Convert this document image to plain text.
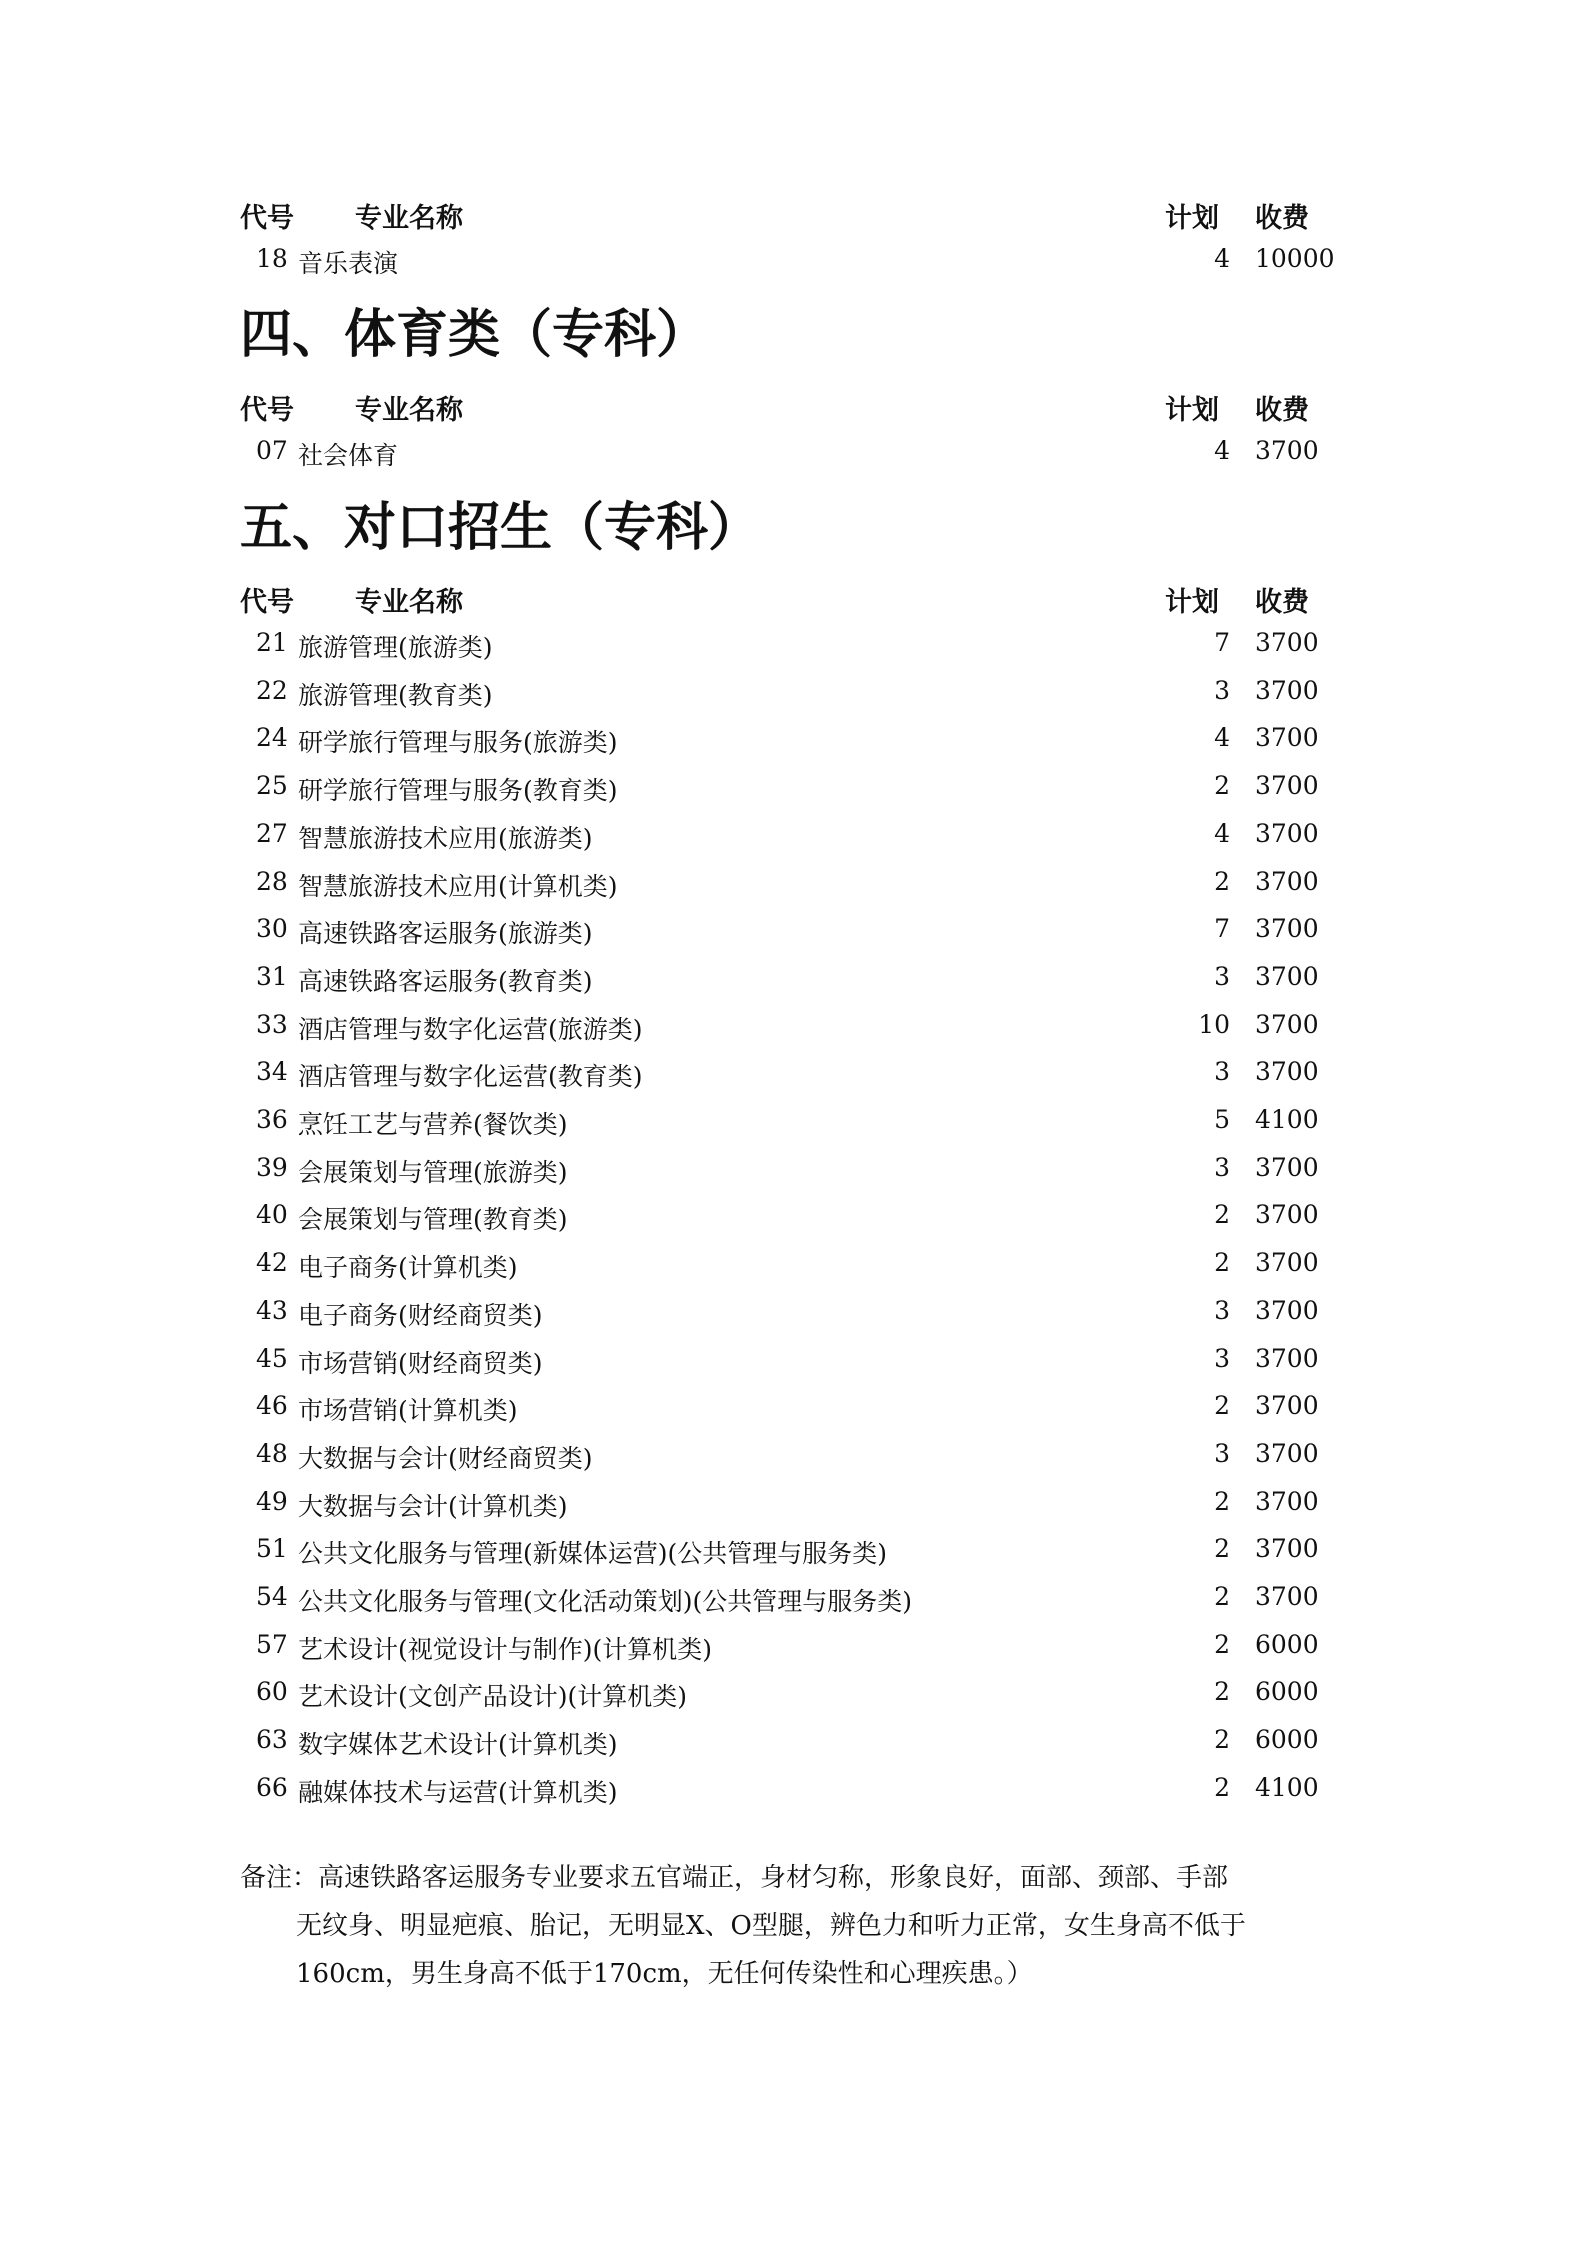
代号 专业名称	计划 收费
18 音乐表演	4 10000
四、体育类（专科）
代号 专业名称	计划 收费
07 社会体育	4 3700
五、对口招生（专科）
代号 专业名称	计划 收费
21 旅游管理(旅游类)	7 3700
22 旅游管理(教育类)	3 3700
24 研学旅行管理与服务(旅游类)	4 3700
25 研学旅行管理与服务(教育类)	2 3700
27 智慧旅游技术应用(旅游类)	4 3700
28 智慧旅游技术应用(计算机类)	2 3700
30 高速铁路客运服务(旅游类)	7 3700
31 高速铁路客运服务(教育类)	3 3700
33 酒店管理与数字化运营(旅游类)	10 3700
34 酒店管理与数字化运营(教育类)	3 3700
36 烹饪工艺与营养(餐饮类)	5 4100
39 会展策划与管理(旅游类)	3 3700
40 会展策划与管理(教育类)	2 3700
42 电子商务(计算机类)	2 3700
43 电子商务(财经商贸类)	3 3700
45 市场营销(财经商贸类)	3 3700
46 市场营销(计算机类)	2 3700
48 大数据与会计(财经商贸类)	3 3700
49 大数据与会计(计算机类)	2 3700
51 公共文化服务与管理(新媒体运营)(公共管理与服务类)	2 3700
54 公共文化服务与管理(文化活动策划)(公共管理与服务类)	2 3700
57 艺术设计(视觉设计与制作)(计算机类)	2 6000
60 艺术设计(文创产品设计)(计算机类)	2 6000
63 数字媒体艺术设计(计算机类)	2 6000
66 融媒体技术与运营(计算机类)	2 4100
备注：高速铁路客运服务专业要求五官端正，身材匀称，形象良好，面部、颈部、手部
无纹身、明显疤痕、胎记，无明显X、O型腿，辨色力和听力正常，女生身高不低于
160cm，男生身高不低于170cm，无任何传染性和心理疾患。）
